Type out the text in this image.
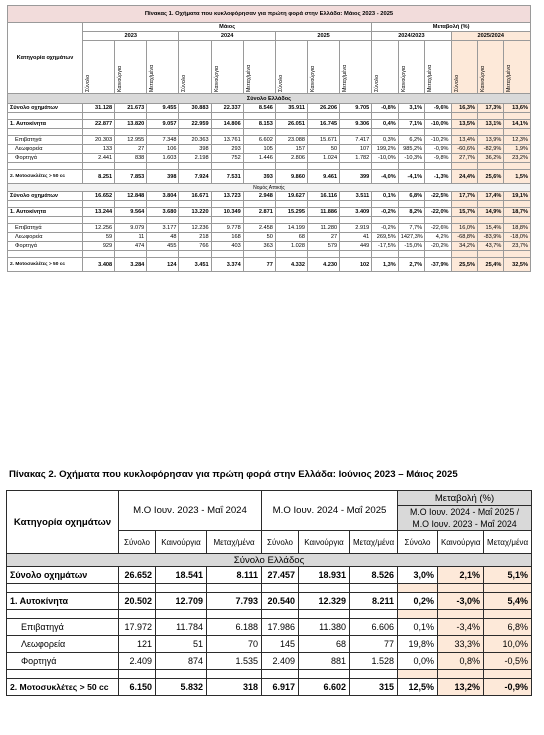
Πίνακας 1. Οχήματα που κυκλοφόρησαν για πρώτη φορά στην Ελλάδα: Μάιος 2023 - 2025															
Κατηγορία οχημάτων	Μάιος									Μεταβολή (%)					
	2023			2024			2025			2024/2023			2025/2024		

	Σύνολο	Καινούργια	Μεταχ/μένα	Σύνολο	Καινούργια	Μεταχ/μένα	Σύνολο	Καινούργια	Μεταχ/μένα	Σύνολο	Καινούργια	Μεταχ/μένα	Σύνολο	Καινούργια	Μεταχ/μένα

Σύνολο Ελλάδος															
Σύνολο οχημάτων	31.128	21.673	9.455	30.883	22.337	8.546	35.911	26.206	9.705	-0,8%	3,1%	-9,6%	16,3%	17,3%	13,6%

1. Αυτοκίνητα	22.877	13.820	9.057	22.959	14.806	8.153	26.051	16.745	9.306	0,4%	7,1%	-10,0%	13,5%	13,1%	14,1%

Επιβατηγά	20.303	12.955	7.348	20.363	13.761	6.602	23.088	15.671	7.417	0,3%	6,2%	-10,2%	13,4%	13,9%	12,3%
Λεωφορεία	133	27	106	398	293	105	157	50	107	199,2%	985,2%	-0,9%	-60,6%	-82,9%	1,9%
Φορτηγά	2.441	838	1.603	2.198	752	1.446	2.806	1.024	1.782	-10,0%	-10,3%	-9,8%	27,7%	36,2%	23,2%

2. Μοτοσυκλέτες > 50 cc	8.251	7.853	398	7.924	7.531	393	9.860	9.461	399	-4,0%	-4,1%	-1,3%	24,4%	25,6%	1,5%
Νομός Αττικής															
Σύνολο οχημάτων	16.652	12.848	3.804	16.671	13.723	2.948	19.627	16.116	3.511	0,1%	6,8%	-22,5%	17,7%	17,4%	19,1%

1. Αυτοκίνητα	13.244	9.564	3.680	13.220	10.349	2.871	15.295	11.886	3.409	-0,2%	8,2%	-22,0%	15,7%	14,9%	18,7%

Επιβατηγά	12.256	9.079	3.177	12.236	9.778	2.458	14.199	11.280	2.919	-0,2%	7,7%	-22,6%	16,0%	15,4%	18,8%
Λεωφορεία	59	11	48	218	168	50	68	27	41	269,5%	1427,3%	4,2%	-68,8%	-83,9%	-18,0%
Φορτηγά	929	474	455	766	403	363	1.028	579	449	-17,5%	-15,0%	-20,2%	34,2%	43,7%	23,7%

2. Μοτοσυκλέτες > 50 cc	3.408	3.284	124	3.451	3.374	77	4.332	4.230	102	1,3%	2,7%	-37,9%	25,5%	25,4%	32,5%
Πίνακας 2. Οχήματα που κυκλοφόρησαν για πρώτη φορά στην Ελλάδα: Ιούνιος 2023 – Μάιος 2025
Κατηγορία οχημάτων	Μ.Ο Ιουν. 2023 - Μαΐ 2024			Μ.Ο Ιουν. 2024 - Μαΐ 2025			Μεταβολή (%)		

							Μ.Ο Ιουν. 2024 - Μαΐ 2025 /
Μ.Ο Ιουν. 2023 - Μαΐ 2024		

	Σύνολο	Καινούργια	Μεταχ/μένα	Σύνολο	Καινούργια	Μεταχ/μένα	Σύνολο	Καινούργια	Μεταχ/μένα
Σύνολο Ελλάδος									
Σύνολο οχημάτων	26.652	18.541	8.111	27.457	18.931	8.526	3,0%	2,1%	5,1%

1. Αυτοκίνητα	20.502	12.709	7.793	20.540	12.329	8.211	0,2%	-3,0%	5,4%

Επιβατηγά	17.972	11.784	6.188	17.986	11.380	6.606	0,1%	-3,4%	6,8%
Λεωφορεία	121	51	70	145	68	77	19,8%	33,3%	10,0%
Φορτηγά	2.409	874	1.535	2.409	881	1.528	0,0%	0,8%	-0,5%

2. Μοτοσυκλέτες > 50 cc	6.150	5.832	318	6.917	6.602	315	12,5%	13,2%	-0,9%
